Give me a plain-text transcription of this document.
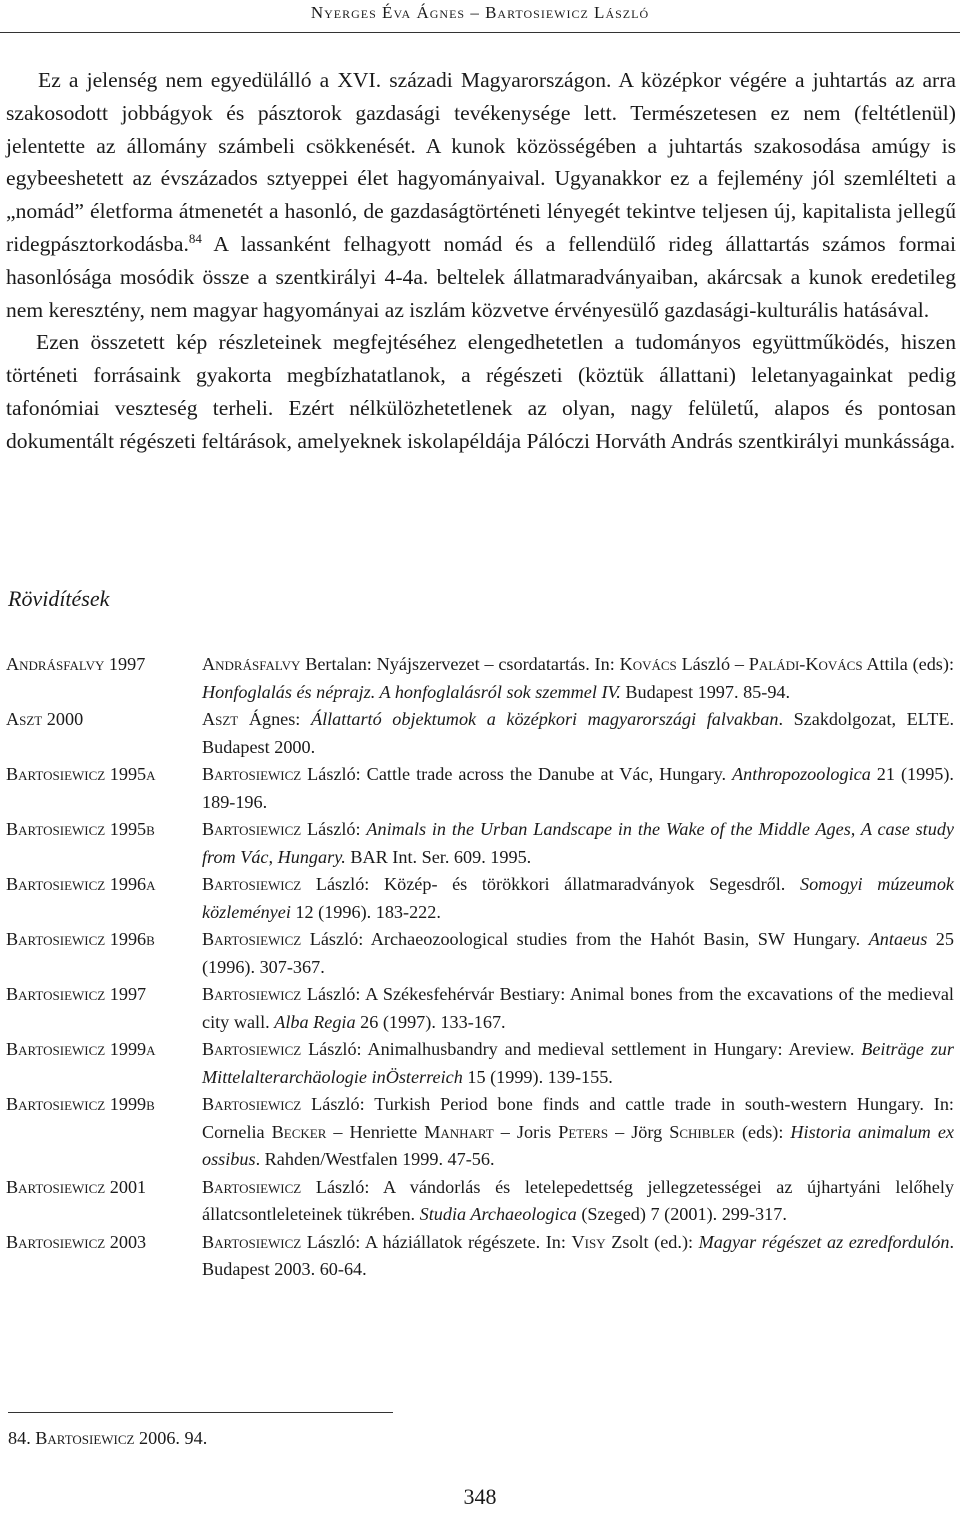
Nyerges Éva Ágnes – Bartosiewicz László

Ez a jelenség nem egyedülálló a XVI. századi Magyarországon. A középkor végére a juhtartás az arra szakosodott jobbágyok és pásztorok gazdasági tevékenysége lett. Természetesen ez nem (feltétlenül) jelentette az állomány számbeli csökkenését. A kunok közösségében a juhtartás szakosodása amúgy is egybeeshetett az évszázados sztyeppei élet hagyományaival. Ugyanakkor ez a fejlemény jól szemlélteti a „nomád” életforma átmenetét a hasonló, de gazdaságtörténeti lényegét tekintve teljesen új, kapitalista jellegű ridegpásztorkodásba.$^{84}$ A lassanként felhagyott nomád és a fellendülő rideg állattartás számos formai hasonlósága mosódik össze a szentkirályi 4-4a. beltelek állatmaradványaiban, akárcsak a kunok eredetileg nem keresztény, nem magyar hagyományai az iszlám közvetve érvényesülő gazdasági-kulturális hatásával.

Ezen összetett kép részleteinek megfejtéséhez elengedhetetlen a tudományos együttműködés, hiszen történeti forrásaink gyakorta megbízhatatlanok, a régészeti (köztük állattani) leletanyagainkat pedig tafonómiai veszteség terheli. Ezért nélkülözhetetlenek az olyan, nagy felületű, alapos és pontosan dokumentált régészeti feltárások, amelyeknek iskolapéldája Pálóczi Horváth András szentkirályi munkássága.

Rövidítések
Andrásfalvy 1997	Andrásfalvy Bertalan: Nyájszervezet – csordatartás. In: Kovács László – Paládi-Kovács Attila (eds): Honfoglalás és néprajz. A honfoglalásról sok szemmel IV. Budapest 1997. 85-94.
Aszt 2000	Aszt Ágnes: Állattartó objektumok a középkori magyarországi falvakban. Szakdolgozat, ELTE. Budapest 2000.
Bartosiewicz 1995a	Bartosiewicz László: Cattle trade across the Danube at Vác, Hungary. Anthropozoologica 21 (1995). 189-196.
Bartosiewicz 1995b	Bartosiewicz László: Animals in the Urban Landscape in the Wake of the Middle Ages, A case study from Vác, Hungary. BAR Int. Ser. 609. 1995.
Bartosiewicz 1996a	Bartosiewicz László: Közép- és törökkori állatmaradványok Segesdről. Somogyi múzeumok közleményei 12 (1996). 183-222.
Bartosiewicz 1996b	Bartosiewicz László: Archaeozoological studies from the Hahót Basin, SW Hungary. Antaeus 25 (1996). 307-367.
Bartosiewicz 1997	Bartosiewicz László: A Székesfehérvár Bestiary: Animal bones from the excavations of the medieval city wall. Alba Regia 26 (1997). 133-167.
Bartosiewicz 1999a	Bartosiewicz László: Animalhusbandry and medieval settlement in Hungary: Areview. Beiträge zur Mittelalterarchäologie inÖsterreich 15 (1999). 139-155.
Bartosiewicz 1999b	Bartosiewicz László: Turkish Period bone finds and cattle trade in south-western Hungary. In: Cornelia Becker – Henriette Manhart – Joris Peters – Jörg Schibler (eds): Historia animalum ex ossibus. Rahden/Westfalen 1999. 47-56.
Bartosiewicz 2001	Bartosiewicz László: A vándorlás és letelepedettség jellegzetességei az újhartyáni lelőhely állatcsontleleteinek tükrében. Studia Archaeologica (Szeged) 7 (2001). 299-317.
Bartosiewicz 2003	Bartosiewicz László: A háziállatok régészete. In: Visy Zsolt (ed.): Magyar régészet az ezredfordulón. Budapest 2003. 60-64.
84. Bartosiewicz 2006. 94.
348
